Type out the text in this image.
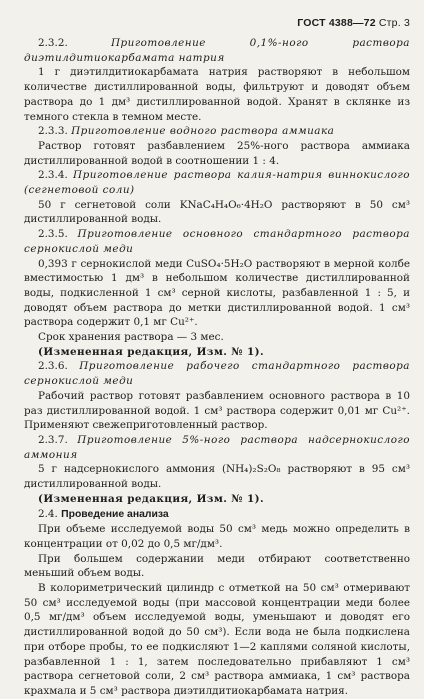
ГОСТ 4388—72 Стр. 3

2.3.2.	Приготовление 0,1%-ного раствора диэтилдитиокарбамата натрия

1 г диэтилдитиокарбамата натрия растворяют в небольшом количестве дистиллированной воды, фильтруют и доводят объем раствора до 1 дм³ дистиллированной водой. Хранят в склянке из темного стекла в темном месте.

2.3.3. Приготовление водного раствора аммиака

Раствор готовят разбавлением 25%-ного раствора аммиака дистиллированной водой в соотношении 1 : 4.

2.3.4. Приготовление раствора калия-натрия виннокислого (сегнетовой соли)

50 г сегнетовой соли KNaC₄H₄O₆·4H₂O растворяют в 50 см³ дистиллированной воды.

2.3.5. Приготовление основного стандартного раствора сернокислой меди

0,393 г сернокислой меди CuSO₄·5H₂O растворяют в мерной колбе вместимостью 1 дм³ в небольшом количестве дистиллированной воды, подкисленной 1 см³ серной кислоты, разбавленной 1 : 5, и доводят объем раствора до метки дистиллированной водой. 1 см³ раствора содержит 0,1 мг Cu²⁺.

Срок хранения раствора — 3 мес.

(Измененная редакция, Изм. № 1).

2.3.6. Приготовление рабочего стандартного раствора сернокислой меди

Рабочий раствор готовят разбавлением основного раствора в 10 раз дистиллированной водой. 1 см³ раствора содержит 0,01 мг Cu²⁺. Применяют свежеприготовленный раствор.

2.3.7. Приготовление 5%-ного раствора надсернокислого аммония

5 г надсернокислого аммония (NH₄)₂S₂O₈ растворяют в 95 см³ дистиллированной воды.

(Измененная редакция, Изм. № 1).

2.4. Проведение анализа

При объеме исследуемой воды 50 см³ медь можно определить в концентрации от 0,02 до 0,5 мг/дм³.

При большем содержании меди отбирают соответственно меньший объем воды.

В колориметрический цилиндр с отметкой на 50 см³ отмеривают 50 см³ исследуемой воды (при массовой концентрации меди более 0,5 мг/дм³ объем исследуемой воды, уменьшают и доводят его дистиллированной водой до 50 см³). Если вода не была подкислена при отборе пробы, то ее подкисляют 1—2 каплями соляной кислоты, разбавленной 1 : 1, затем последовательно прибавляют 1 см³ раствора сегнетовой соли, 2 см³ раствора аммиака, 1 см³ раствора крахмала и 5 см³ раствора диэтилдитиокарбамата натрия.
